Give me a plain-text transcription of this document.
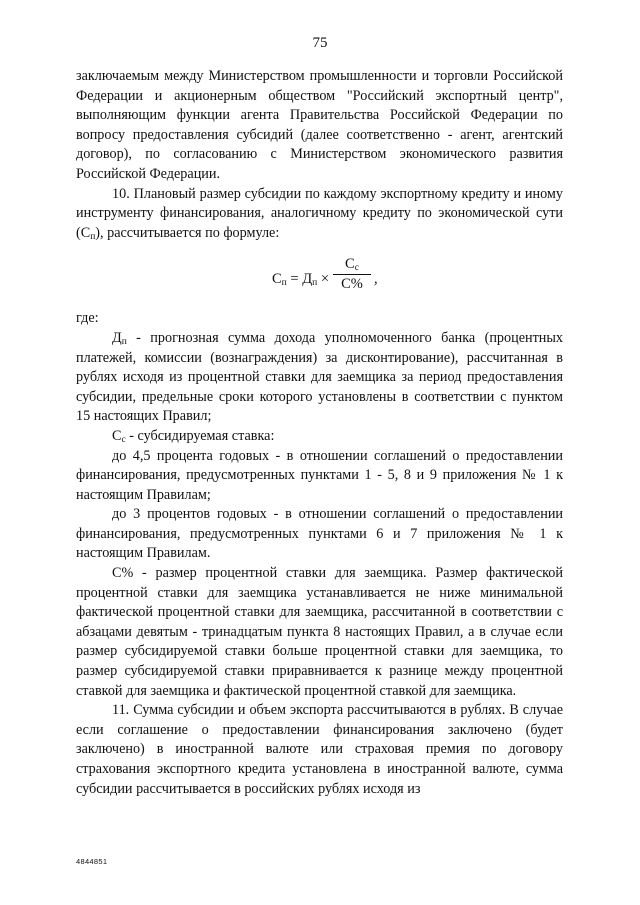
75

заключаемым между Министерством промышленности и торговли Российской Федерации и акционерным обществом "Российский экспортный центр", выполняющим функции агента Правительства Российской Федерации по вопросу предоставления субсидий (далее соответственно - агент, агентский договор), по согласованию с Министерством экономического развития Российской Федерации.

10. Плановый размер субсидии по каждому экспортному кредиту и иному инструменту финансирования, аналогичному кредиту по экономической сути $(С_п)$, рассчитывается по формуле:

$С_п = Д_п$ ×
$С_с$
С% ,

где:

$Д_п$ - прогнозная сумма дохода уполномоченного банка (процентных платежей, комиссии (вознаграждения) за дисконтирование), рассчитанная в рублях исходя из процентной ставки для заемщика за период предоставления субсидии, предельные сроки которого установлены в соответствии с пунктом 15 настоящих Правил;

$С_с$ - субсидируемая ставка:

до 4,5 процента годовых - в отношении соглашений о предоставлении финансирования, предусмотренных пунктами 1 - 5, 8 и 9 приложения № 1 к настоящим Правилам;

до 3 процентов годовых - в отношении соглашений о предоставлении финансирования, предусмотренных пунктами 6 и 7 приложения № 1 к настоящим Правилам.

С% - размер процентной ставки для заемщика. Размер фактической процентной ставки для заемщика устанавливается не ниже минимальной фактической процентной ставки для заемщика, рассчитанной в соответствии с абзацами девятым - тринадцатым пункта 8 настоящих Правил, а в случае если размер субсидируемой ставки больше процентной ставки для заемщика, то размер субсидируемой ставки приравнивается к разнице между процентной ставкой для заемщика и фактической процентной ставкой для заемщика.

11. Сумма субсидии и объем экспорта рассчитываются в рублях. В случае если соглашение о предоставлении финансирования заключено (будет заключено) в иностранной валюте или страховая премия по договору страхования экспортного кредита установлена в иностранной валюте, сумма субсидии рассчитывается в российских рублях исходя из

4844851
